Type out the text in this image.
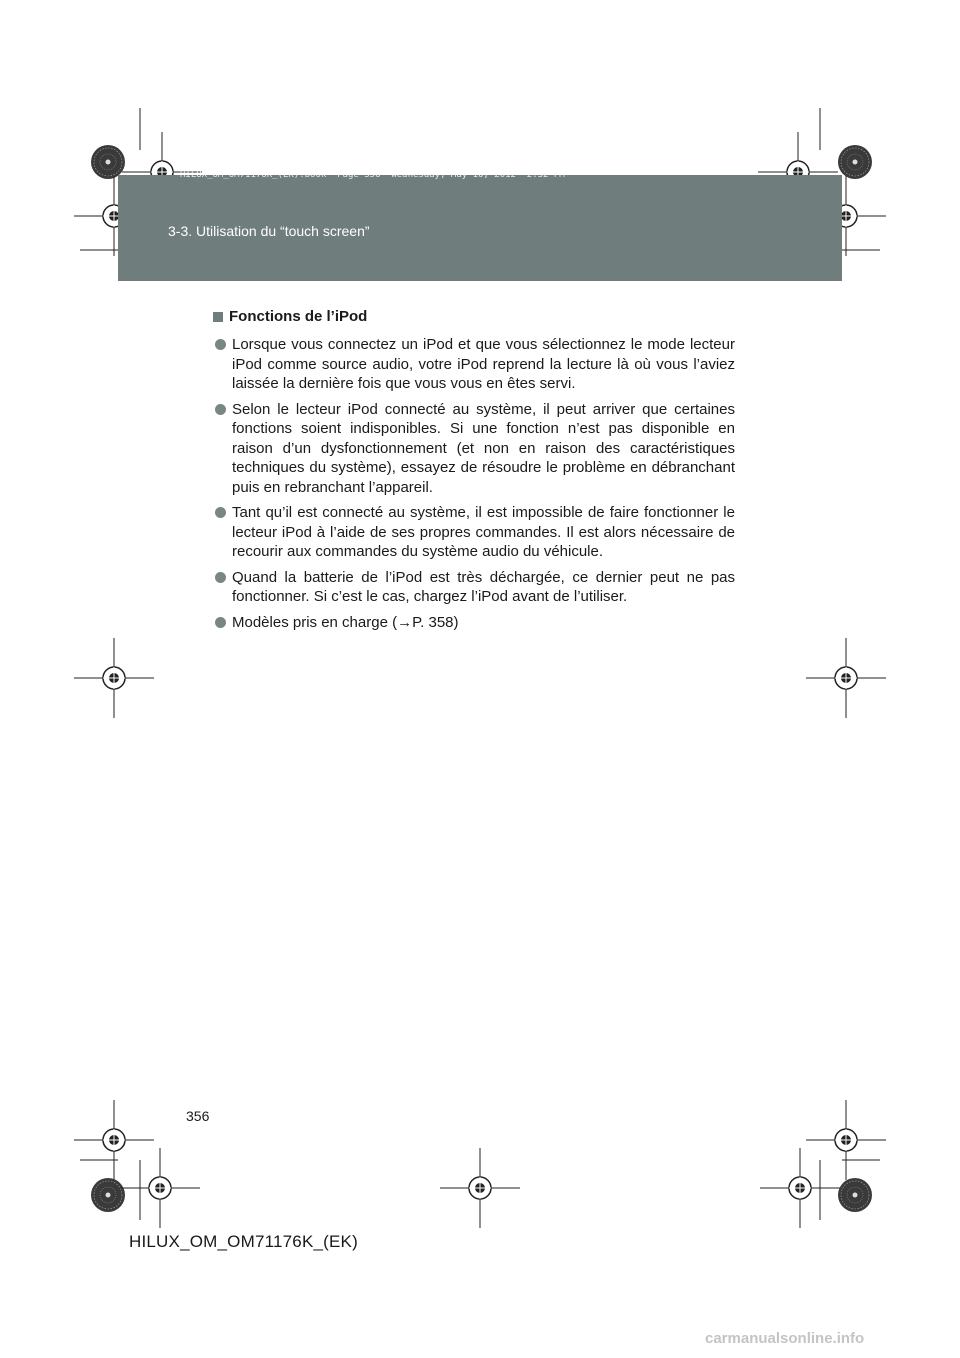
HILUX_OM_OM71176K_(EK).book  Page 356  Wednesday, May 16, 2012  2:32 PM
3-3. Utilisation du “touch screen”
Fonctions de l’iPod
Lorsque vous connectez un iPod et que vous sélectionnez le mode lecteur iPod comme source audio, votre iPod reprend la lecture là où vous l’aviez laissée la dernière fois que vous vous en êtes servi.
Selon le lecteur iPod connecté au système, il peut arriver que certaines fonctions soient indisponibles. Si une fonction n’est pas disponible en raison d’un dysfonctionnement (et non en raison des caractéristiques techniques du système), essayez de résoudre le problème en débranchant puis en rebranchant l’appareil.
Tant qu’il est connecté au système, il est impossible de faire fonctionner le lecteur iPod à l’aide de ses propres commandes. Il est alors nécessaire de recourir aux commandes du système audio du véhicule.
Quand la batterie de l’iPod est très déchargée, ce dernier peut ne pas fonctionner. Si c’est le cas, chargez l’iPod avant de l’utiliser.
Modèles pris en charge (→P. 358)
356
HILUX_OM_OM71176K_(EK)
carmanualsonline.info
